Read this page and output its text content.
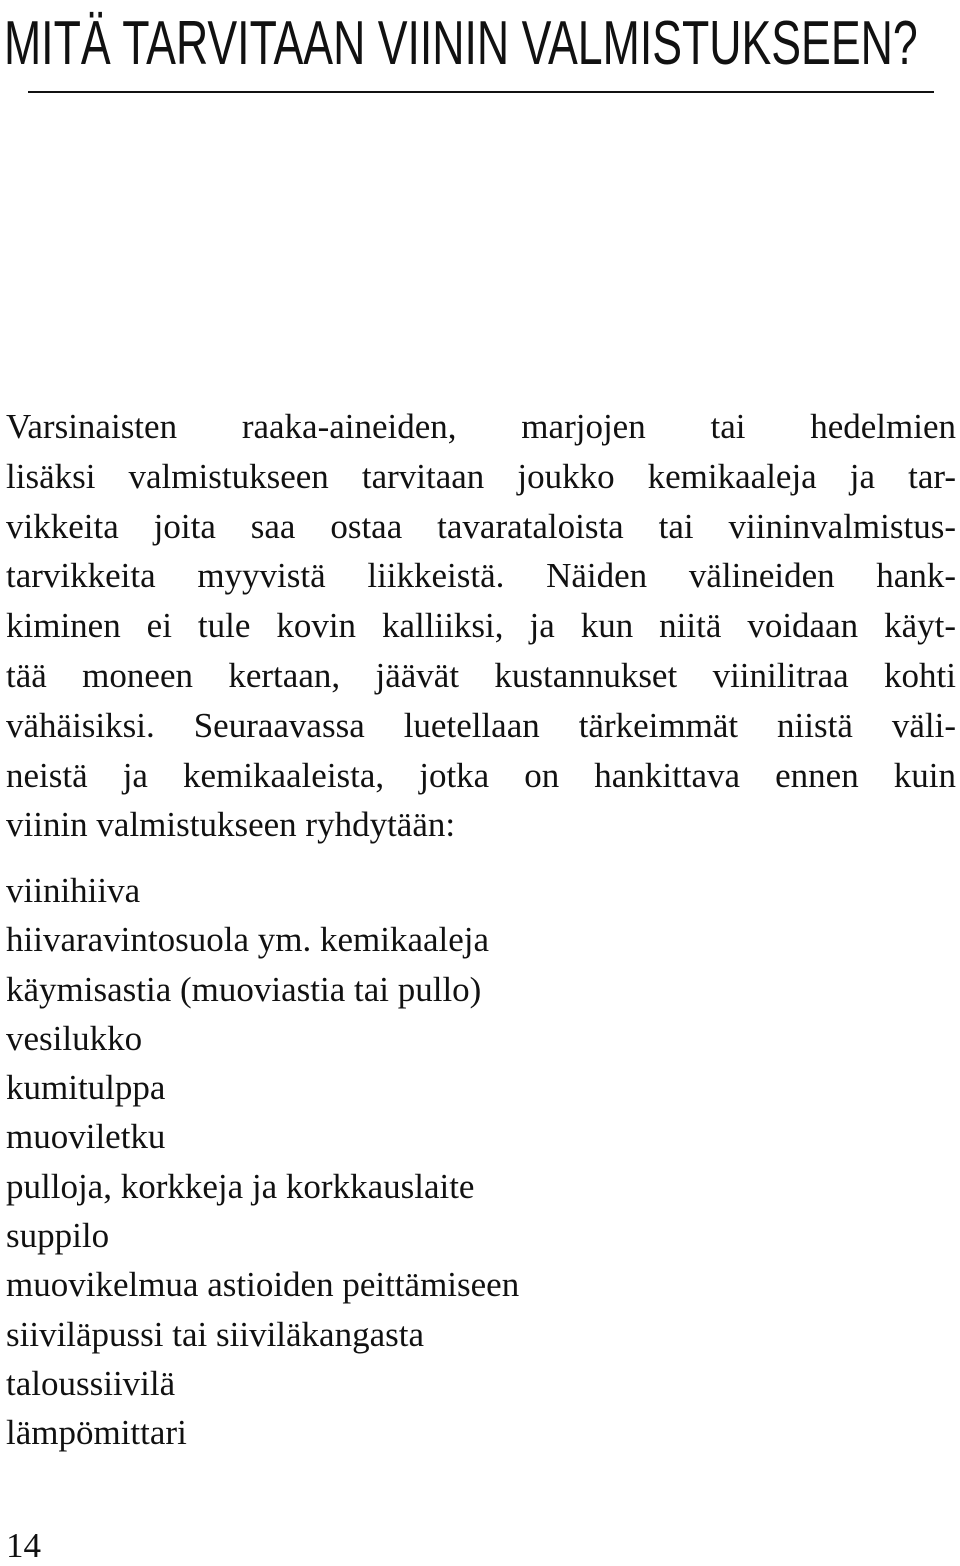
MITÄ TARVITAAN VIININ VALMISTUKSEEN?
Varsinaisten raaka-aineiden, marjojen tai hedelmien
lisäksi valmistukseen tarvitaan joukko kemikaaleja ja tar-
vikkeita joita saa ostaa tavarataloista tai viininvalmistus-
tarvikkeita myyvistä liikkeistä. Näiden välineiden hank-
kiminen ei tule kovin kalliiksi, ja kun niitä voidaan käyt-
tää moneen kertaan, jäävät kustannukset viinilitraa kohti
vähäisiksi. Seuraavassa luetellaan tärkeimmät niistä väli-
neistä ja kemikaaleista, jotka on hankittava ennen kuin
viinin valmistukseen ryhdytään:
viinihiiva
hiivaravintosuola ym. kemikaaleja
käymisastia (muoviastia tai pullo)
vesilukko
kumitulppa
muoviletku
pulloja, korkkeja ja korkkauslaite
suppilo
muovikelmua astioiden peittämiseen
siiviläpussi tai siiviläkangasta
taloussiivilä
lämpömittari
14
